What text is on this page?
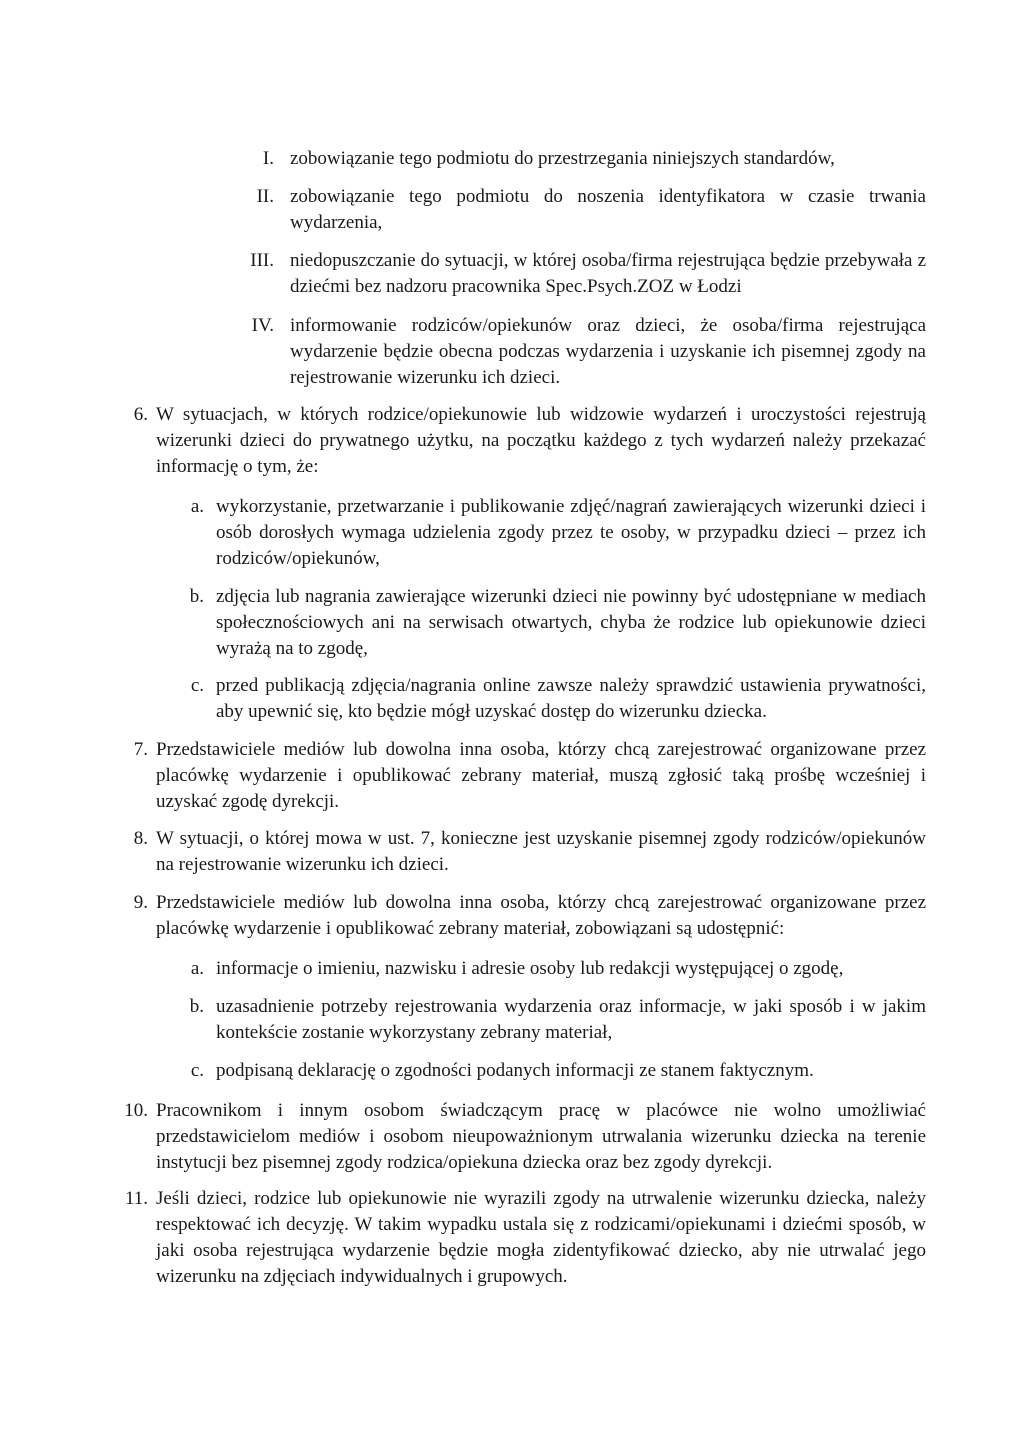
I. zobowiązanie tego podmiotu do przestrzegania niniejszych standardów,
II. zobowiązanie tego podmiotu do noszenia identyfikatora w czasie trwania wydarzenia,
III. niedopuszczanie do sytuacji, w której osoba/firma rejestrująca będzie przebywała z dziećmi bez nadzoru pracownika Spec.Psych.ZOZ w Łodzi
IV. informowanie rodziców/opiekunów oraz dzieci, że osoba/firma rejestrująca wydarzenie będzie obecna podczas wydarzenia i uzyskanie ich pisemnej zgody na rejestrowanie wizerunku ich dzieci.
6. W sytuacjach, w których rodzice/opiekunowie lub widzowie wydarzeń i uroczystości rejestrują wizerunki dzieci do prywatnego użytku, na początku każdego z tych wydarzeń należy przekazać informację o tym, że:
a. wykorzystanie, przetwarzanie i publikowanie zdjęć/nagrań zawierających wizerunki dzieci i osób dorosłych wymaga udzielenia zgody przez te osoby, w przypadku dzieci – przez ich rodziców/opiekunów,
b. zdjęcia lub nagrania zawierające wizerunki dzieci nie powinny być udostępniane w mediach społecznościowych ani na serwisach otwartych, chyba że rodzice lub opiekunowie dzieci wyrażą na to zgodę,
c. przed publikacją zdjęcia/nagrania online zawsze należy sprawdzić ustawienia prywatności, aby upewnić się, kto będzie mógł uzyskać dostęp do wizerunku dziecka.
7. Przedstawiciele mediów lub dowolna inna osoba, którzy chcą zarejestrować organizowane przez placówkę wydarzenie i opublikować zebrany materiał, muszą zgłosić taką prośbę wcześniej i uzyskać zgodę dyrekcji.
8. W sytuacji, o której mowa w ust. 7, konieczne jest uzyskanie pisemnej zgody rodziców/opiekunów na rejestrowanie wizerunku ich dzieci.
9. Przedstawiciele mediów lub dowolna inna osoba, którzy chcą zarejestrować organizowane przez placówkę wydarzenie i opublikować zebrany materiał, zobowiązani są udostępnić:
a. informacje o imieniu, nazwisku i adresie osoby lub redakcji występującej o zgodę,
b. uzasadnienie potrzeby rejestrowania wydarzenia oraz informacje, w jaki sposób i w jakim kontekście zostanie wykorzystany zebrany materiał,
c. podpisaną deklarację o zgodności podanych informacji ze stanem faktycznym.
10. Pracownikom i innym osobom świadczącym pracę w placówce nie wolno umożliwiać przedstawicielom mediów i osobom nieupoważnionym utrwalania wizerunku dziecka na terenie instytucji bez pisemnej zgody rodzica/opiekuna dziecka oraz bez zgody dyrekcji.
11. Jeśli dzieci, rodzice lub opiekunowie nie wyrazili zgody na utrwalenie wizerunku dziecka, należy respektować ich decyzję. W takim wypadku ustala się z rodzicami/opiekunami i dziećmi sposób, w jaki osoba rejestrująca wydarzenie będzie mogła zidentyfikować dziecko, aby nie utrwalać jego wizerunku na zdjęciach indywidualnych i grupowych.
